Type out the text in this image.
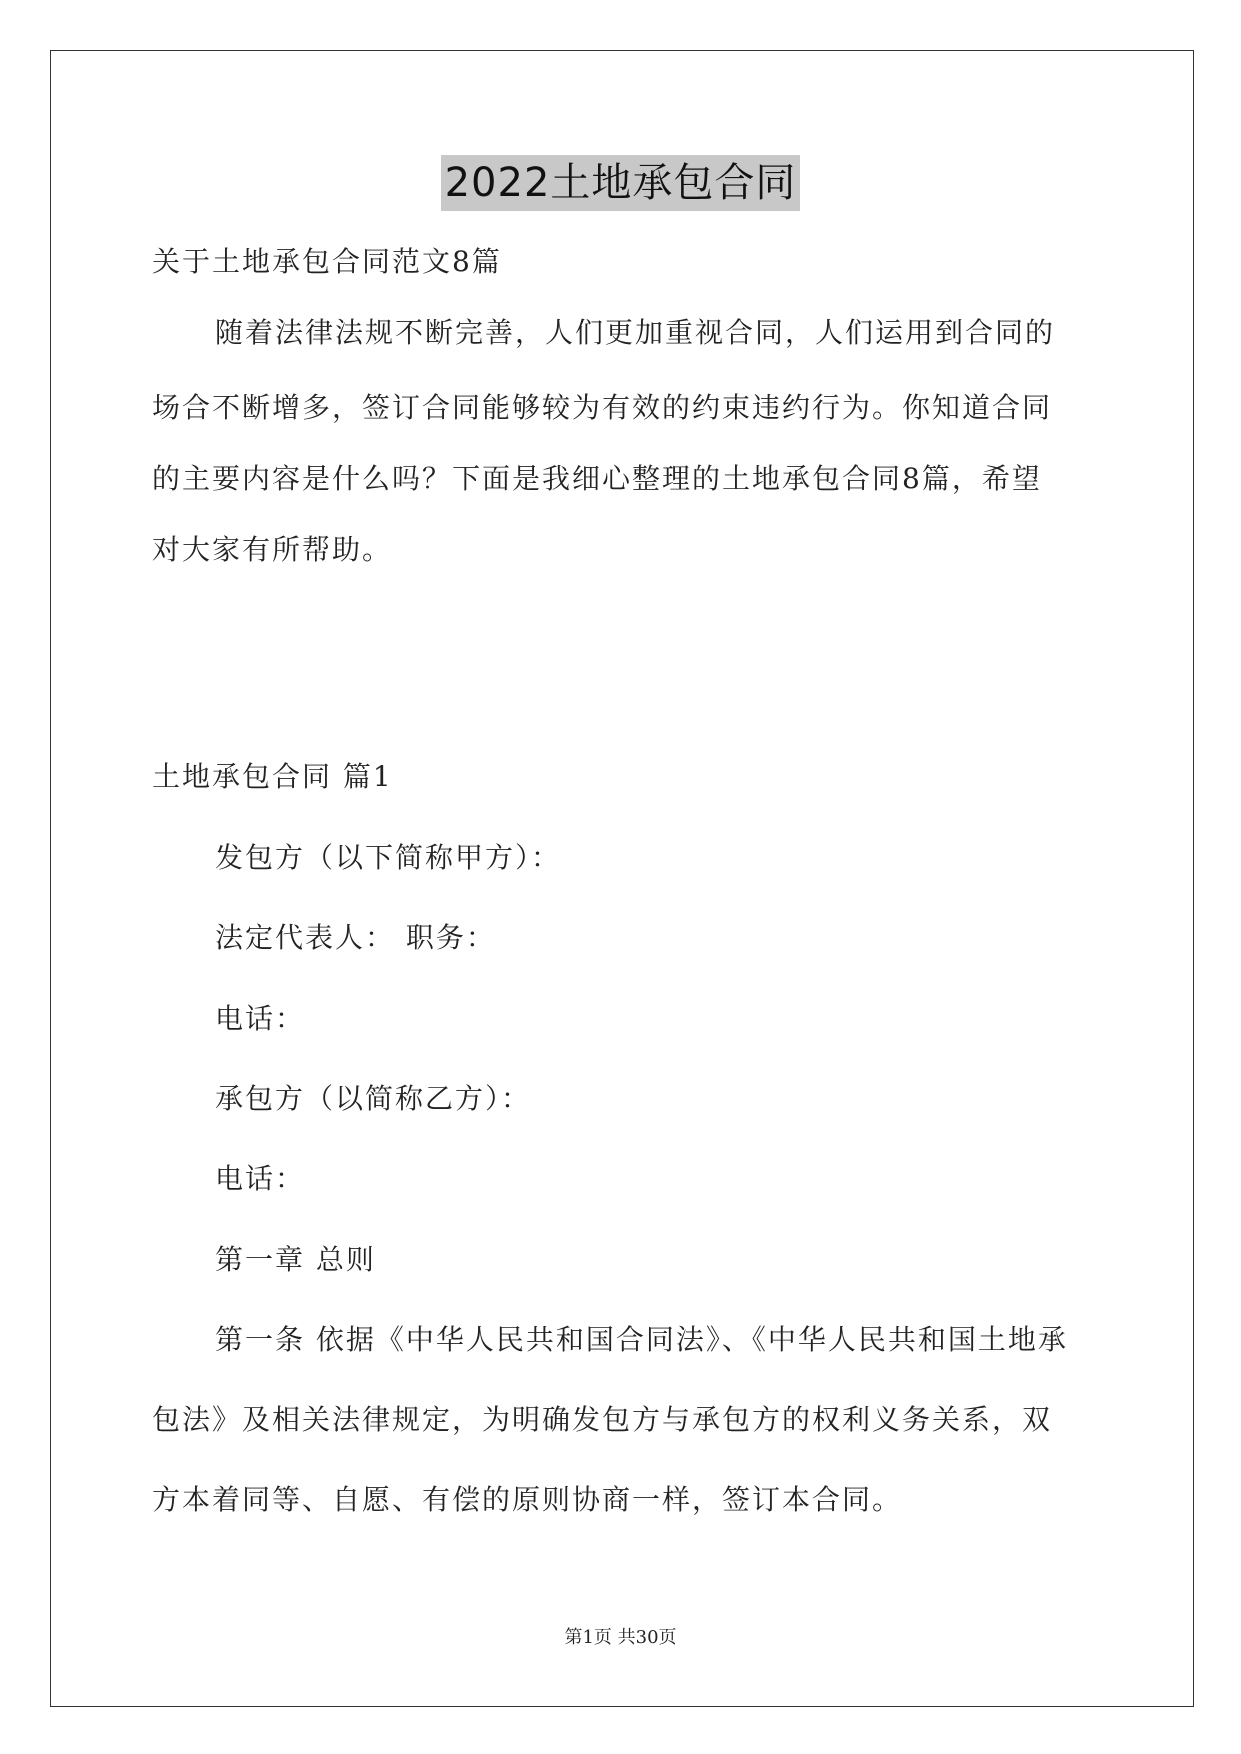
2022土地承包合同
关于土地承包合同范文8篇
随着法律法规不断完善，人们更加重视合同，人们运用到合同的
场合不断增多，签订合同能够较为有效的约束违约行为。你知道合同
的主要内容是什么吗？下面是我细心整理的土地承包合同8篇，希望
对大家有所帮助。
土地承包合同 篇1
发包方（以下简称甲方）：
法定代表人： 职务：
电话：
承包方（以简称乙方）：
电话：
第一章 总则
第一条 依据《中华人民共和国合同法》、《中华人民共和国土地承
包法》及相关法律规定，为明确发包方与承包方的权利义务关系，双
方本着同等、自愿、有偿的原则协商一样，签订本合同。
第1页 共30页
